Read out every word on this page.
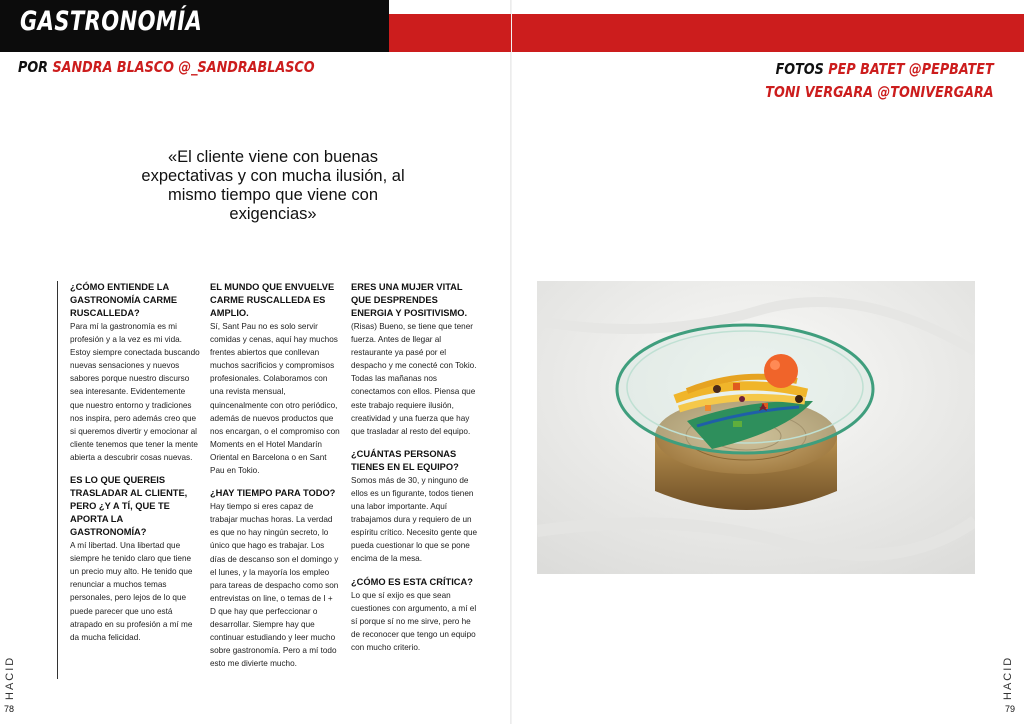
GASTRONOMÍA
POR SANDRA BLASCO @_SANDRABLASCO	FOTOS PEP BATET @PEPBATET
TONI VERGARA @TONIVERGARA
«El cliente viene con buenas expectativas y con mucha ilusión, al mismo tiempo que viene con exigencias»
¿CÓMO ENTIENDE LA GASTRONOMÍA CARME RUSCALLEDA?

Para mí la gastronomía es mi profesión y a la vez es mi vida. Estoy siempre conectada buscando nuevas sensaciones y nuevos sabores porque nuestro discurso sea interesante. Evidentemente que nuestro entorno y tradiciones nos inspira, pero además creo que si queremos divertir y emocionar al cliente tenemos que tener la mente abierta a descubrir cosas nuevas.

ES LO QUE QUEREIS TRASLADAR AL CLIENTE, PERO ¿Y A TÍ, QUE TE APORTA LA GASTRONOMÍA?

A mí libertad. Una libertad que siempre he tenido claro que tiene un precio muy alto. He tenido que renunciar a muchos temas personales, pero lejos de lo que puede parecer que uno está atrapado en su profesión a mí me da mucha felicidad.

EL MUNDO QUE ENVUELVE CARME RUSCALLEDA ES AMPLIO.

Sí, Sant Pau no es solo servir comidas y cenas, aquí hay muchos frentes abiertos que conllevan muchos sacrificios y compromisos profesionales. Colaboramos con una revista mensual, quincenalmente con otro periódico, además de nuevos productos que nos encargan, o el compromiso con Moments en el Hotel Mandarín Oriental en Barcelona o en Sant Pau en Tokio.

¿HAY TIEMPO PARA TODO?

Hay tiempo si eres capaz de trabajar muchas horas. La verdad es que no hay ningún secreto, lo único que hago es trabajar. Los días de descanso son el domingo y el lunes, y la mayoría los empleo para tareas de despacho como son entrevistas on line, o temas de I + D que hay que perfeccionar o desarrollar. Siempre hay que continuar estudiando y leer mucho sobre gastronomía. Pero a mí todo esto me divierte mucho.

ERES UNA MUJER VITAL QUE DESPRENDES ENERGIA Y POSITIVISMO.

(Risas) Bueno, se tiene que tener fuerza. Antes de llegar al restaurante ya pasé por el despacho y me conecté con Tokio. Todas las mañanas nos conectamos con ellos. Piensa que este trabajo requiere ilusión, creatividad y una fuerza que hay que trasladar al resto del equipo.

¿CUÁNTAS PERSONAS TIENES EN EL EQUIPO?

Somos más de 30, y ninguno de ellos es un figurante, todos tienen una labor importante. Aquí trabajamos dura y requiero de un espíritu crítico. Necesito gente que pueda cuestionar lo que se pone encima de la mesa.

¿CÓMO ES ESTA CRÍTICA?

Lo que sí exijo es que sean cuestiones con argumento, a mí el sí porque sí no me sirve, pero he de reconocer que tengo un equipo con mucho criterio.

HACID
78
HACID
79
